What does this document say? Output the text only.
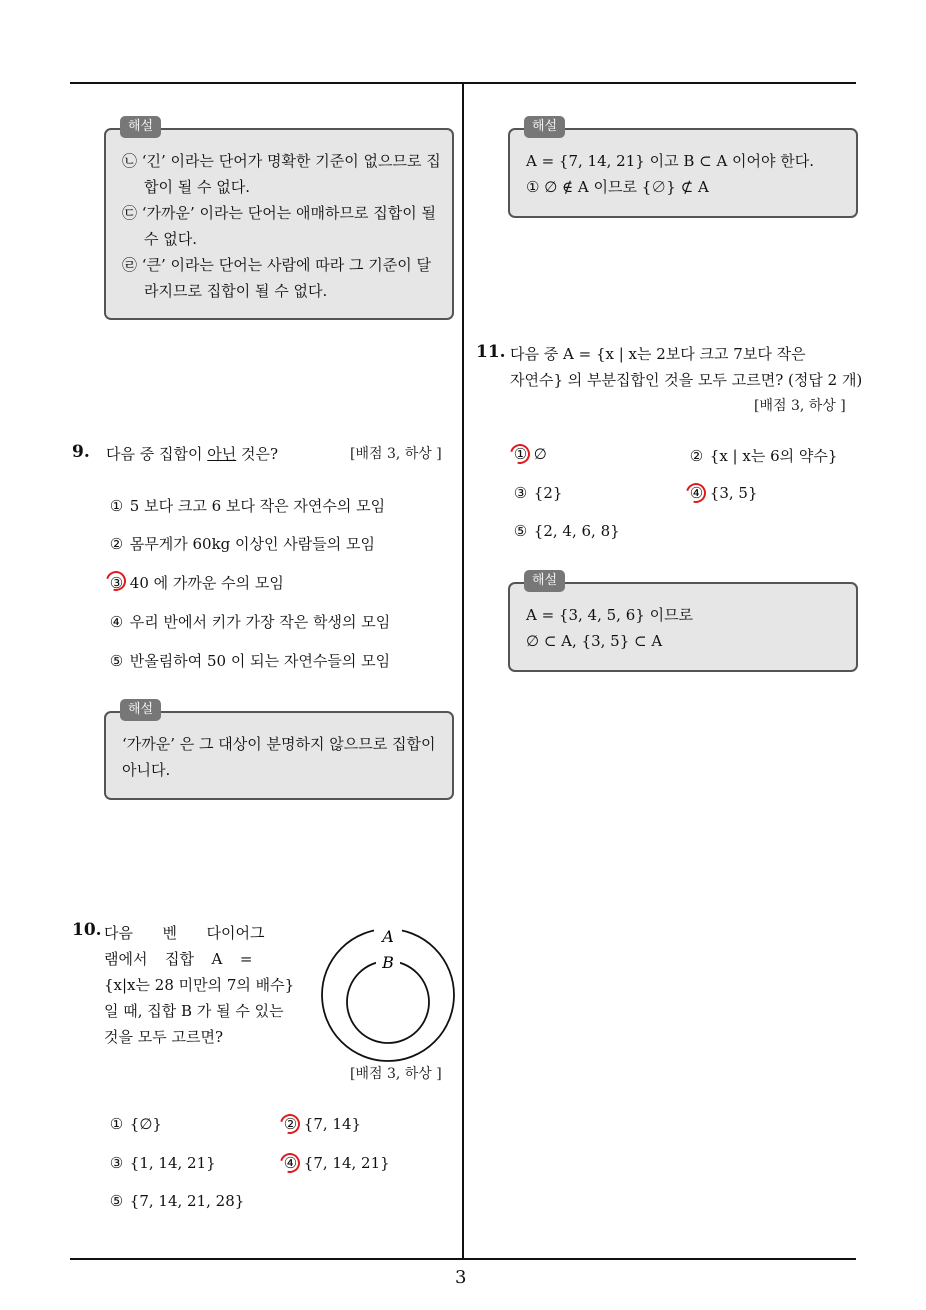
3
해설
㉡ ‘긴’ 이라는 단어가 명확한 기준이 없으므로 집
합이 될 수 없다.
㉢ ‘가까운’ 이라는 단어는 애매하므로 집합이 될
수 없다.
㉣ ‘큰’ 이라는 단어는 사람에 따라 그 기준이 달
라지므로 집합이 될 수 없다.
9. 다음 중 집합이 아닌 것은?	[배점 3, 하상 ]
① 5 보다 크고 6 보다 작은 자연수의 모임
② 몸무게가 60kg 이상인 사람들의 모임
③ 40 에 가까운 수의 모임
④ 우리 반에서 키가 가장 작은 학생의 모임
⑤ 반올림하여 50 이 되는 자연수들의 모임
해설
‘가까운’ 은 그 대상이 분명하지 않으므로 집합이
아니다.
10. 다음  벤  다이어그
램에서  집합  A  =
{x|x는 28 미만의 7의 배수}
일 때, 집합 B 가 될 수 있는
것을 모두 고르면?
A
B
[배점 3, 하상 ]
① {∅}	② {7, 14}
③ {1, 14, 21}	④ {7, 14, 21}
⑤ {7, 14, 21, 28}
해설
A = {7, 14, 21} 이고 B ⊂ A 이어야 한다.
① ∅ ∉ A 이므로 {∅} ⊄ A
11. 다음 중 A = {x | x는 2보다 크고 7보다 작은
자연수} 의 부분집합인 것을 모두 고르면? (정답 2 개)
[배점 3, 하상 ]
① ∅	② {x | x는 6의 약수}
③ {2}	④ {3, 5}
⑤ {2, 4, 6, 8}
해설
A = {3, 4, 5, 6} 이므로
∅ ⊂ A, {3, 5} ⊂ A
